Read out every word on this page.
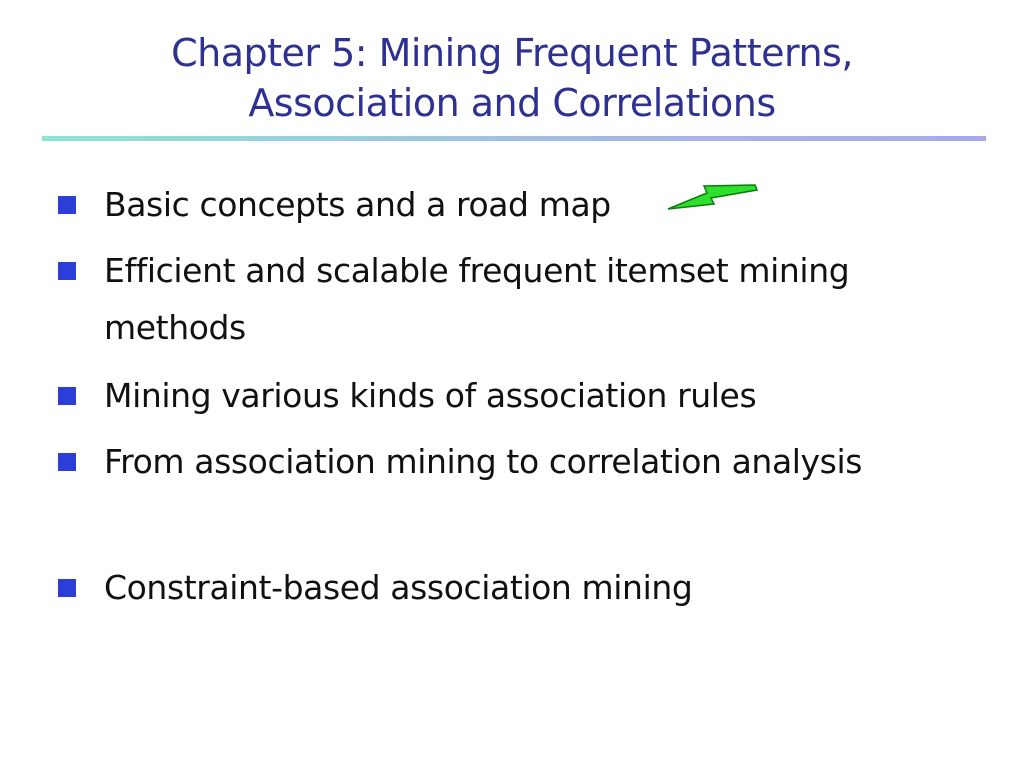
Chapter 5: Mining Frequent Patterns, Association and Correlations
Basic concepts and a road map
Efficient and scalable frequent itemset mining methods
Mining various kinds of association rules
From association mining to correlation analysis
Constraint-based association mining
